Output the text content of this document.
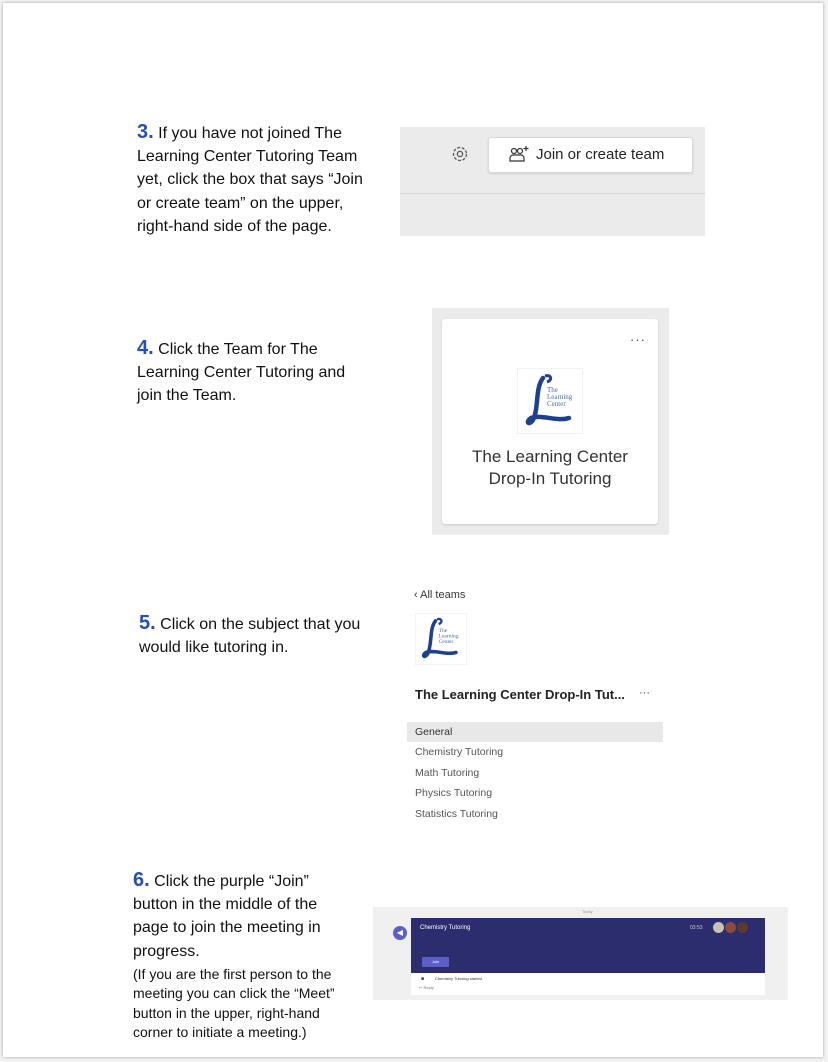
3. If you have not joined The Learning Center Tutoring Team yet, click the box that says “Join or create team” on the upper, right-hand side of the page.
Join or create team
4. Click the Team for The Learning Center Tutoring and join the Team.
···
The
Learning
Center
The Learning Center
Drop-In Tutoring
5. Click on the subject that you would like tutoring in.
‹ All teams
The
Learning
Center
The Learning Center Drop-In Tut... ···
General
Chemistry Tutoring
Math Tutoring
Physics Tutoring
Statistics Tutoring
6. Click the purple “Join” button in the middle of the page to join the meeting in progress.
(If you are the first person to the meeting you can click the “Meet” button in the upper, right-hand corner to initiate a meeting.)
Today
◀	Chemistry Tutoring	03:53
Join
■	Chemistry Tutoring started
↩ Reply
